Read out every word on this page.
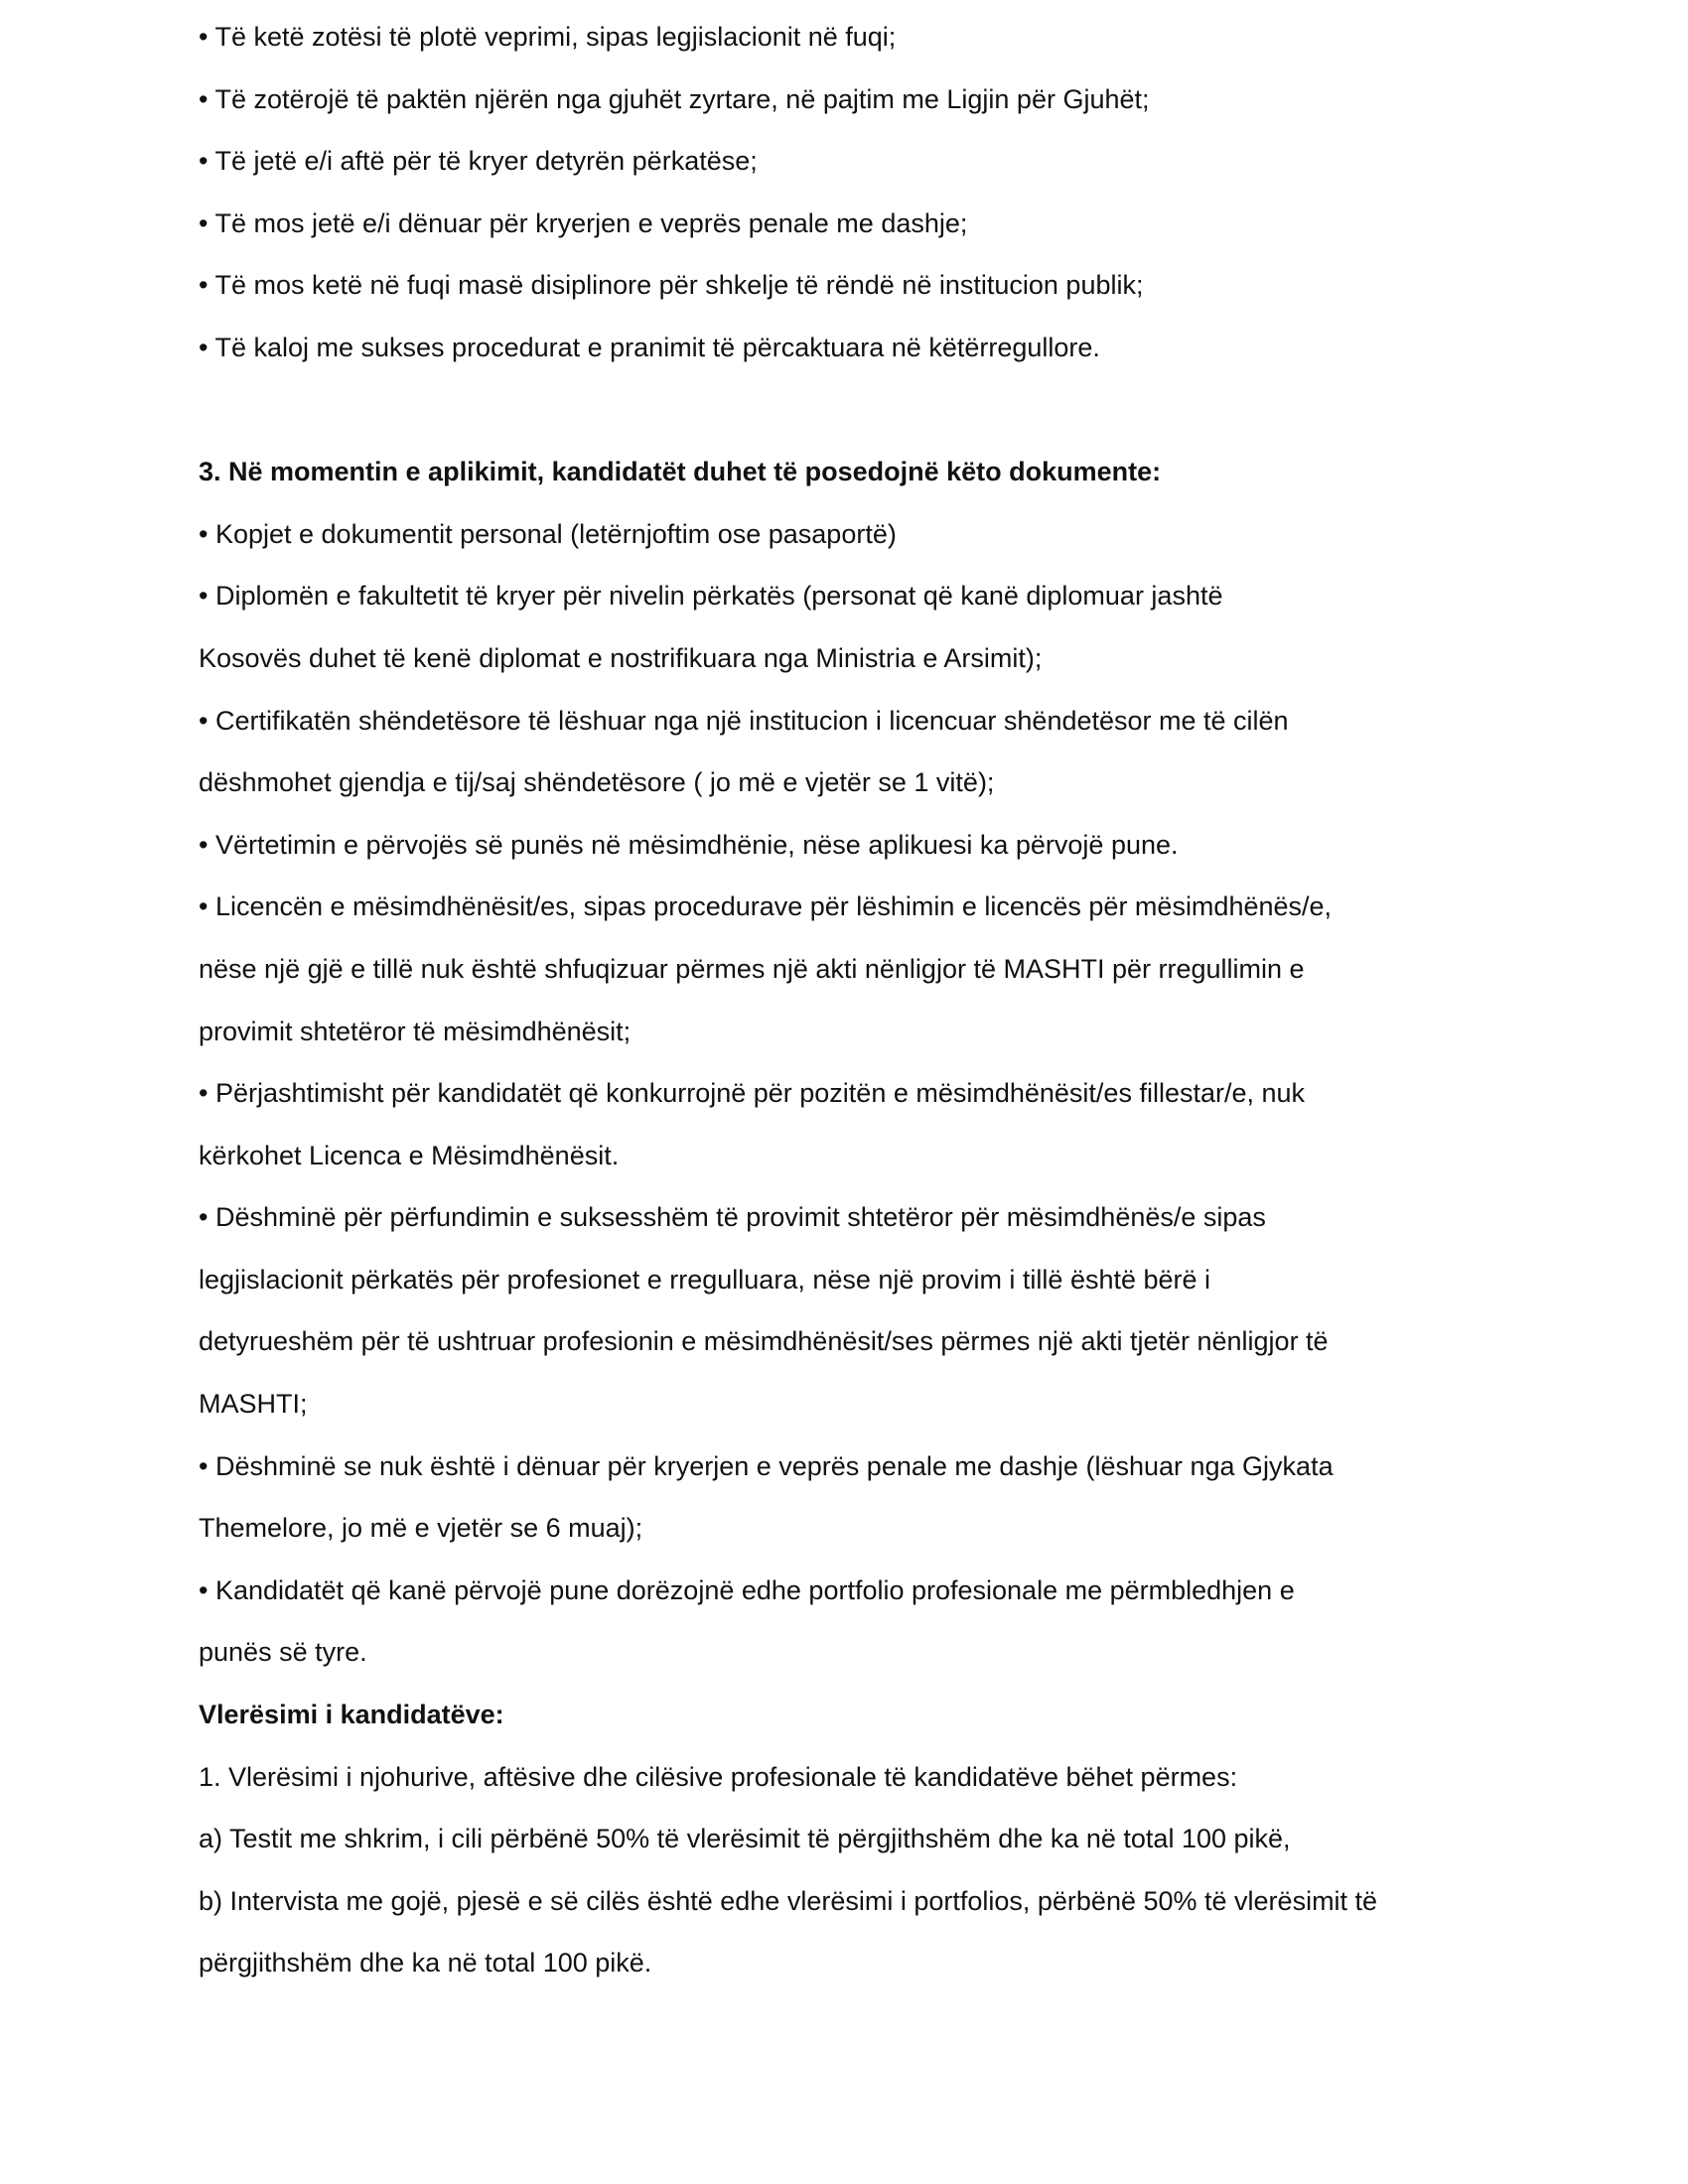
• Të ketë zotësi të plotë veprimi, sipas legjislacionit në fuqi;
• Të zotërojë të paktën njërën nga gjuhët zyrtare, në pajtim me Ligjin për Gjuhët;
• Të jetë e/i aftë për të kryer detyrën përkatëse;
• Të mos jetë e/i dënuar për kryerjen e veprës penale me dashje;
• Të mos ketë në fuqi masë disiplinore për shkelje të rëndë në institucion publik;
• Të kaloj me sukses procedurat e pranimit të përcaktuara në këtërregullore.
3. Në momentin e aplikimit, kandidatët duhet të posedojnë këto dokumente:
• Kopjet e dokumentit personal (letërnjoftim ose pasaportë)
• Diplomën e fakultetit të kryer për nivelin përkatës (personat që kanë diplomuar jashtë
Kosovës duhet të kenë diplomat e nostrifikuara nga Ministria e Arsimit);
• Certifikatën shëndetësore të lëshuar nga një institucion i licencuar shëndetësor me të cilën
dëshmohet gjendja e tij/saj shëndetësore ( jo më e vjetër se 1 vitë);
• Vërtetimin e përvojës së punës në mësimdhënie, nëse aplikuesi ka përvojë pune.
• Licencën e mësimdhënësit/es, sipas procedurave për lëshimin e licencës për mësimdhënës/e,
nëse një gjë e tillë nuk është shfuqizuar përmes një akti nënligjor të MASHTI për rregullimin e
provimit shtetëror të mësimdhënësit;
• Përjashtimisht për kandidatët që konkurrojnë për pozitën e mësimdhënësit/es fillestar/e, nuk
kërkohet Licenca e Mësimdhënësit.
• Dëshminë për përfundimin e suksesshëm të provimit shtetëror për mësimdhënës/e sipas
legjislacionit përkatës për profesionet e rregulluara, nëse një provim i tillë është bërë i
detyrueshëm për të ushtruar profesionin e mësimdhënësit/ses përmes një akti tjetër nënligjor të
MASHTI;
• Dëshminë se nuk është i dënuar për kryerjen e veprës penale me dashje (lëshuar nga Gjykata
Themelore, jo më e vjetër se 6 muaj);
• Kandidatët që kanë përvojë pune dorëzojnë edhe portfolio profesionale me përmbledhjen e
punës së tyre.
Vlerësimi i kandidatëve:
1. Vlerësimi i njohurive, aftësive dhe cilësive profesionale të kandidatëve bëhet përmes:
a) Testit me shkrim, i cili përbënë 50% të vlerësimit të përgjithshëm dhe ka në total 100 pikë,
b) Intervista me gojë, pjesë e së cilës është edhe vlerësimi i portfolios, përbënë 50% të vlerësimit të
përgjithshëm dhe ka në total 100 pikë.
